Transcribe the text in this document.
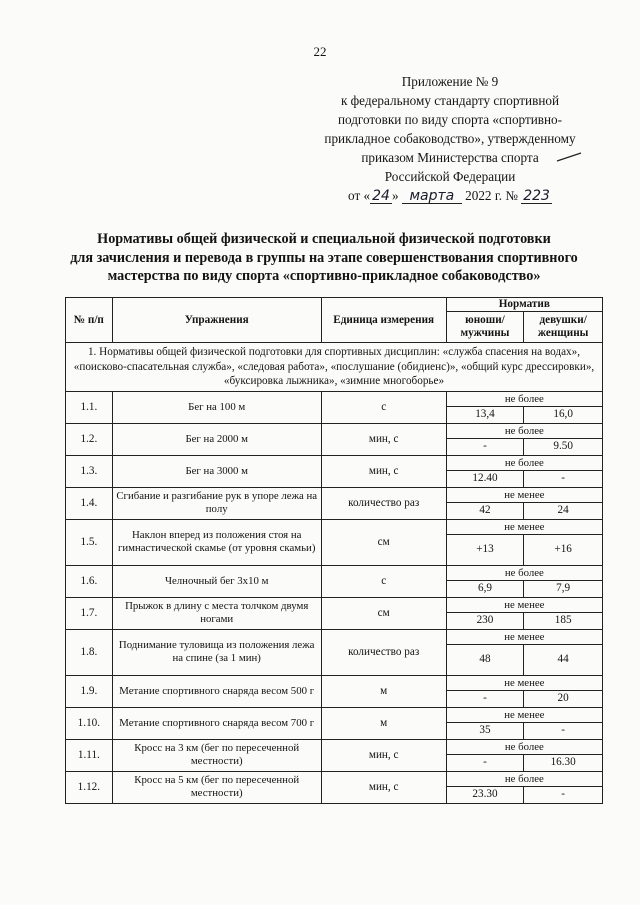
22
Приложение № 9
к федеральному стандарту спортивной
подготовки по виду спорта «спортивно-
прикладное собаководство», утвержденному
приказом Министерства спорта
Российской Федерации
от « 24 » марта 2022 г. № 223
Нормативы общей физической и специальной физической подготовки
для зачисления и перевода в группы на этапе совершенствования спортивного
мастерства по виду спорта «спортивно-прикладное собаководство»
№ п/п	Упражнения	Единица измерения	Норматив	
			юноши/ мужчины	девушки/ женщины
1. Нормативы общей физической подготовки для спортивных дисциплин: «служба спасения на водах», «поисково-спасательная служба», «следовая работа», «послушание (обидиенс)», «общий курс дрессировки», «буксировка лыжника», «зимние многоборье»				
1.1.	Бег на 100 м	с	не более	
			13,4	16,0
1.2.	Бег на 2000 м	мин, с	не более	
			-	9.50
1.3.	Бег на 3000 м	мин, с	не более	
			12.40	-
1.4.	Сгибание и разгибание рук в упоре лежа на полу	количество раз	не менее	
			42	24
1.5.	Наклон вперед из положения стоя на гимнастической скамье (от уровня скамьи)	см	не менее	
			+13	+16
1.6.	Челночный бег 3х10 м	с	не более	
			6,9	7,9
1.7.	Прыжок в длину с места толчком двумя ногами	см	не менее	
			230	185
1.8.	Поднимание туловища из положения лежа на спине (за 1 мин)	количество раз	не менее	
			48	44
1.9.	Метание спортивного снаряда весом 500 г	м	не менее	
			-	20
1.10.	Метание спортивного снаряда весом 700 г	м	не менее	
			35	-
1.11.	Кросс на 3 км (бег по пересеченной местности)	мин, с	не более	
			-	16.30
1.12.	Кросс на 5 км (бег по пересеченной местности)	мин, с	не более	
			23.30	-
